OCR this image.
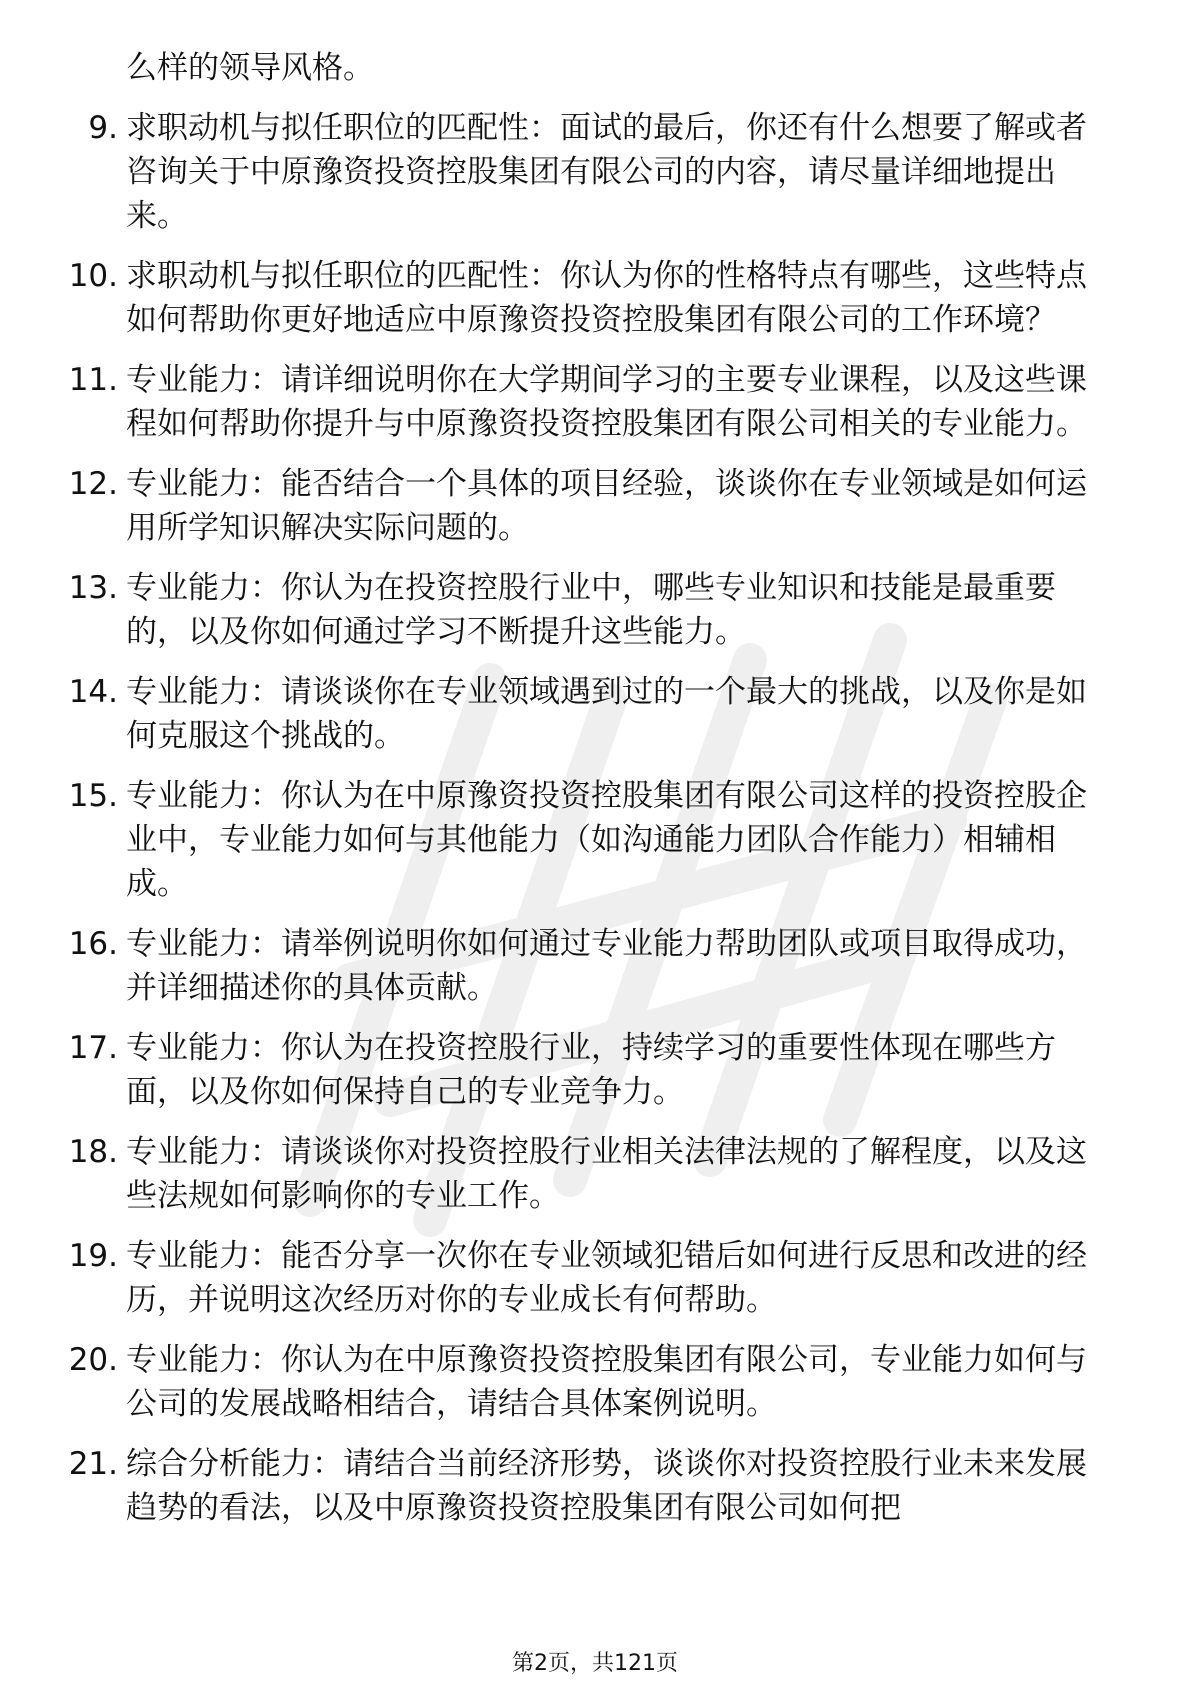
么样的领导风格。
9. 求职动机与拟任职位的匹配性：面试的最后，你还有什么想要了解或者咨询关于中原豫资投资控股集团有限公司的内容，请尽量详细地提出来。
10. 求职动机与拟任职位的匹配性：你认为你的性格特点有哪些，这些特点如何帮助你更好地适应中原豫资投资控股集团有限公司的工作环境？
11. 专业能力：请详细说明你在大学期间学习的主要专业课程，以及这些课程如何帮助你提升与中原豫资投资控股集团有限公司相关的专业能力。
12. 专业能力：能否结合一个具体的项目经验，谈谈你在专业领域是如何运用所学知识解决实际问题的。
13. 专业能力：你认为在投资控股行业中，哪些专业知识和技能是最重要的，以及你如何通过学习不断提升这些能力。
14. 专业能力：请谈谈你在专业领域遇到过的一个最大的挑战，以及你是如何克服这个挑战的。
15. 专业能力：你认为在中原豫资投资控股集团有限公司这样的投资控股企业中，专业能力如何与其他能力（如沟通能力团队合作能力）相辅相成。
16. 专业能力：请举例说明你如何通过专业能力帮助团队或项目取得成功，并详细描述你的具体贡献。
17. 专业能力：你认为在投资控股行业，持续学习的重要性体现在哪些方面，以及你如何保持自己的专业竞争力。
18. 专业能力：请谈谈你对投资控股行业相关法律法规的了解程度，以及这些法规如何影响你的专业工作。
19. 专业能力：能否分享一次你在专业领域犯错后如何进行反思和改进的经历，并说明这次经历对你的专业成长有何帮助。
20. 专业能力：你认为在中原豫资投资控股集团有限公司，专业能力如何与公司的发展战略相结合，请结合具体案例说明。
21. 综合分析能力：请结合当前经济形势，谈谈你对投资控股行业未来发展趋势的看法，以及中原豫资投资控股集团有限公司如何把
第2页，共121页
